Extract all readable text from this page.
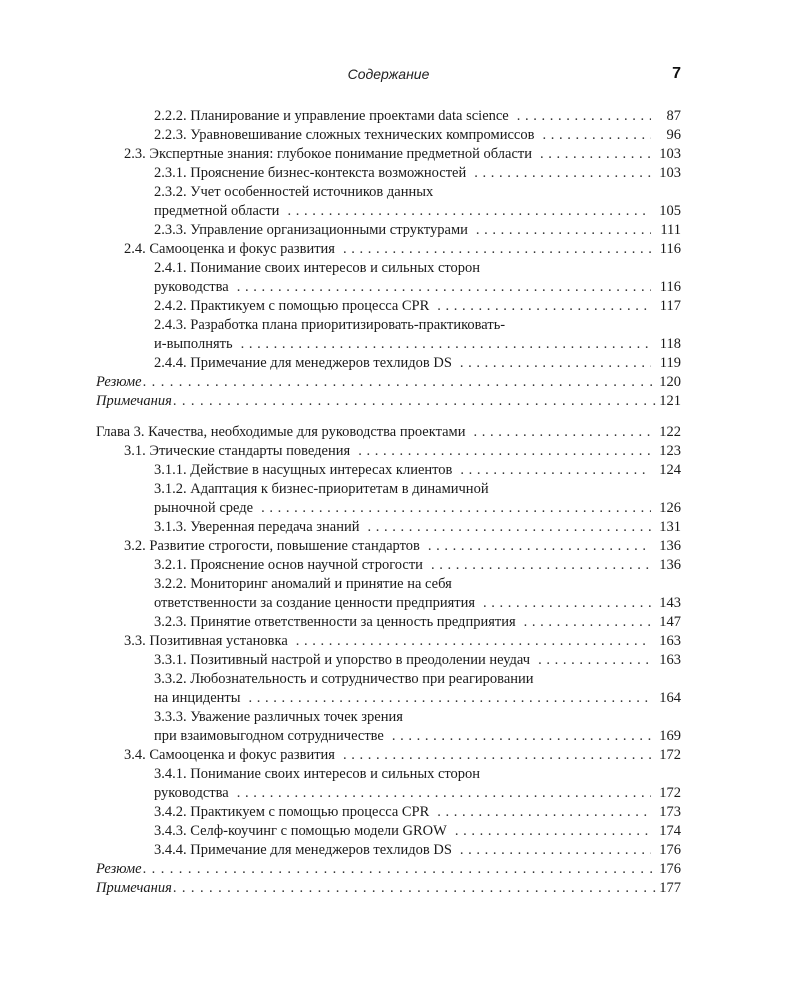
Содержание	7
2.2.2. Планирование и управление проектами data science . . .	87
2.2.3. Уравновешивание сложных технических компромиссов . . .	96
2.3. Экспертные знания: глубокое понимание предметной области . . .	103
2.3.1. Прояснение бизнес-контекста возможностей . . .	103
2.3.2. Учет особенностей источников данных
предметной области . . .	105
2.3.3. Управление организационными структурами . . .	111
2.4. Самооценка и фокус развития . . .	116
2.4.1. Понимание своих интересов и сильных сторон
руководства . . .	116
2.4.2. Практикуем с помощью процесса CPR . . .	117
2.4.3. Разработка плана приоритизировать-практиковать-
и-выполнять . . .	118
2.4.4. Примечание для менеджеров техлидов DS . . .	119
Резюме . . .	120
Примечания . . .	121
Глава 3. Качества, необходимые для руководства проектами . . .	122
3.1. Этические стандарты поведения . . .	123
3.1.1. Действие в насущных интересах клиентов . . .	124
3.1.2. Адаптация к бизнес-приоритетам в динамичной
рыночной среде . . .	126
3.1.3. Уверенная передача знаний . . .	131
3.2. Развитие строгости, повышение стандартов . . .	136
3.2.1. Прояснение основ научной строгости . . .	136
3.2.2. Мониторинг аномалий и принятие на себя
ответственности за создание ценности предприятия . . .	143
3.2.3. Принятие ответственности за ценность предприятия . . .	147
3.3. Позитивная установка . . .	163
3.3.1. Позитивный настрой и упорство в преодолении неудач . . .	163
3.3.2. Любознательность и сотрудничество при реагировании
на инциденты . . .	164
3.3.3. Уважение различных точек зрения
при взаимовыгодном сотрудничестве . . .	169
3.4. Самооценка и фокус развития . . .	172
3.4.1. Понимание своих интересов и сильных сторон
руководства . . .	172
3.4.2. Практикуем с помощью процесса CPR . . .	173
3.4.3. Селф-коучинг с помощью модели GROW . . .	174
3.4.4. Примечание для менеджеров техлидов DS . . .	176
Резюме . . .	176
Примечания . . .	177
